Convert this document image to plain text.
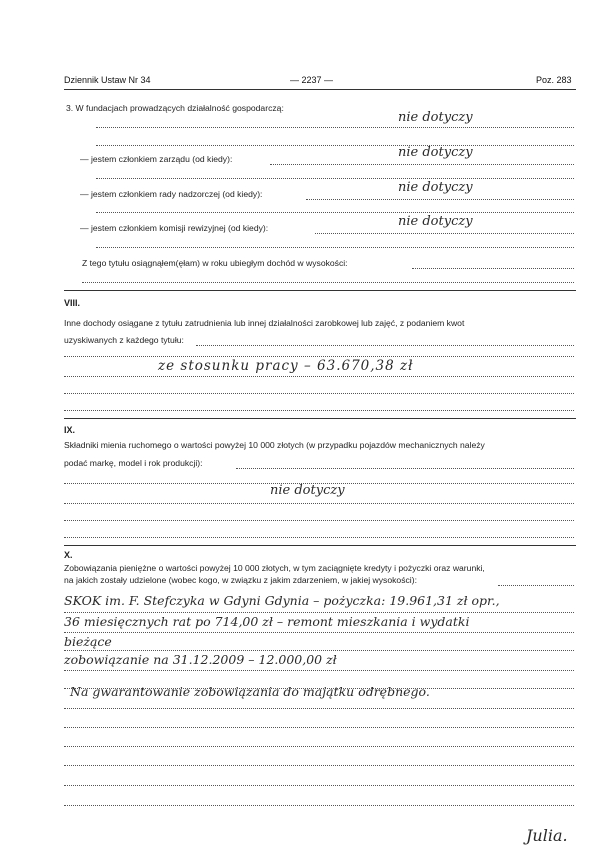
Dziennik Ustaw Nr 34	— 2237 —	Poz. 283
3. W fundacjach prowadzących działalność gospodarczą:
nie dotyczy
— jestem członkiem zarządu (od kiedy):	nie dotyczy
— jestem członkiem rady nadzorczej (od kiedy):	nie dotyczy
— jestem członkiem komisji rewizyjnej (od kiedy):	nie dotyczy
Z tego tytułu osiągnąłem(ęłam) w roku ubiegłym dochód w wysokości:
VIII.
Inne dochody osiągane z tytułu zatrudnienia lub innej działalności zarobkowej lub zajęć, z podaniem kwot
uzyskiwanych z każdego tytułu:
ze stosunku pracy – 63.670,38 zł
IX.
Składniki mienia ruchomego o wartości powyżej 10 000 złotych (w przypadku pojazdów mechanicznych należy
podać markę, model i rok produkcji):
nie dotyczy
X.
Zobowiązania pieniężne o wartości powyżej 10 000 złotych, w tym zaciągnięte kredyty i pożyczki oraz warunki,
na jakich zostały udzielone (wobec kogo, w związku z jakim zdarzeniem, w jakiej wysokości):
SKOK im. F. Stefczyka w Gdyni Gdynia – pożyczka: 19.961,31 zł opr.,
36 miesięcznych rat po 714,00 zł – remont mieszkania i wydatki
bieżące
zobowiązanie na 31.12.2009 – 12.000,00 zł
Na gwarantowanie zobowiązania do majątku odrębnego.
Julia.
